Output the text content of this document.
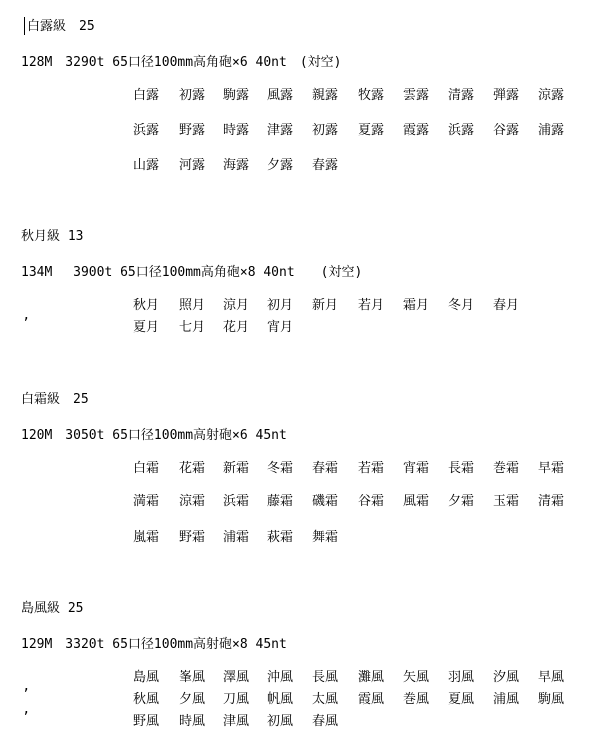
白露級　25
128M　3290t 65口径100mm高角砲×6 40nt　(対空)
白露	初露	駒露	風露	親露	牧露	雲露	清露	弾露	涼露
浜露	野露	時露	津露	初露	夏露	霞露	浜露	谷露	浦露
山露	河露	海露	夕露	春露
秋月級 13
134M　 3900t 65口径100mm高角砲×8 40nt　　(対空)
秋月	照月	涼月	初月	新月	若月	霜月	冬月	春月
夏月	七月	花月	宵月
’
白霜級　25
120M　3050t 65口径100mm高射砲×6 45nt
白霜	花霜	新霜	冬霜	春霜	若霜	宵霜	長霜	巻霜	早霜
満霜	涼霜	浜霜	藤霜	磯霜	谷霜	風霜	夕霜	玉霜	清霜
嵐霜	野霜	浦霜	萩霜	舞霜
島風級 25
129M　3320t 65口径100mm高射砲×8 45nt
島風	峯風	澤風	沖風	長風	灘風	矢風	羽風	汐風	早風
秋風	夕風	刀風	帆風	太風	霞風	巻風	夏風	浦風	駒風
野風	時風	津風	初風	春風
’
’
